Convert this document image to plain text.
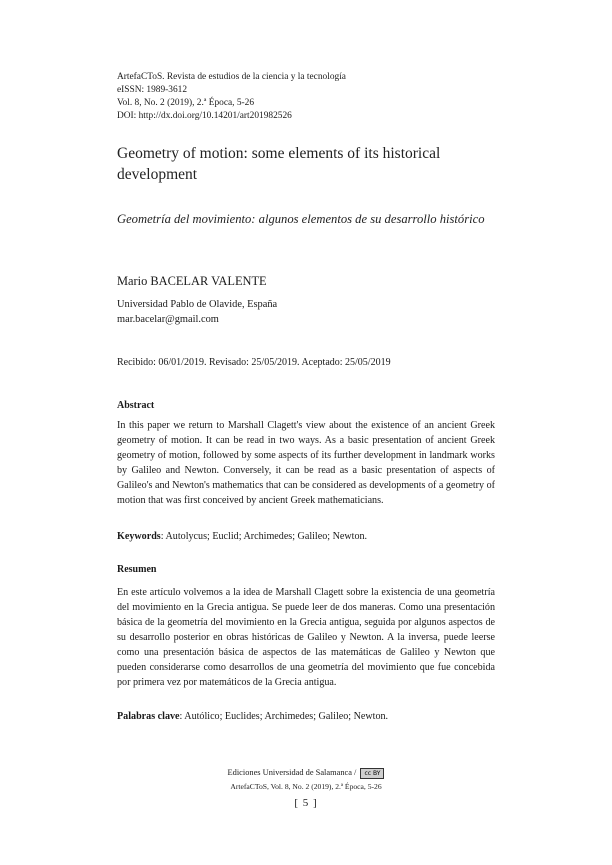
ArtefaCToS. Revista de estudios de la ciencia y la tecnología
eISSN: 1989-3612
Vol. 8, No. 2 (2019), 2.ª Época, 5-26
DOI: http://dx.doi.org/10.14201/art201982526
Geometry of motion: some elements of its historical development
Geometría del movimiento: algunos elementos de su desarrollo histórico
Mario BACELAR VALENTE
Universidad Pablo de Olavide, España
mar.bacelar@gmail.com
Recibido: 06/01/2019. Revisado: 25/05/2019. Aceptado: 25/05/2019
Abstract
In this paper we return to Marshall Clagett's view about the existence of an ancient Greek geometry of motion. It can be read in two ways. As a basic presentation of ancient Greek geometry of motion, followed by some aspects of its further development in landmark works by Galileo and Newton. Conversely, it can be read as a basic presentation of aspects of Galileo's and Newton's mathematics that can be considered as developments of a geometry of motion that was first conceived by ancient Greek mathematicians.
Keywords: Autolycus; Euclid; Archimedes; Galileo; Newton.
Resumen
En este artículo volvemos a la idea de Marshall Clagett sobre la existencia de una geometría del movimiento en la Grecia antigua. Se puede leer de dos maneras. Como una presentación básica de la geometría del movimiento en la Grecia antigua, seguida por algunos aspectos de su desarrollo posterior en obras históricas de Galileo y Newton. A la inversa, puede leerse como una presentación básica de aspectos de las matemáticas de Galileo y Newton que pueden considerarse como desarrollos de una geometría del movimiento que fue concebida por primera vez por matemáticos de la Grecia antigua.
Palabras clave: Autólico; Euclides; Archimedes; Galileo; Newton.
Ediciones Universidad de Salamanca / cc BY
ArtefaCToS, Vol. 8, No. 2 (2019), 2.ª Época, 5-26
[ 5 ]
